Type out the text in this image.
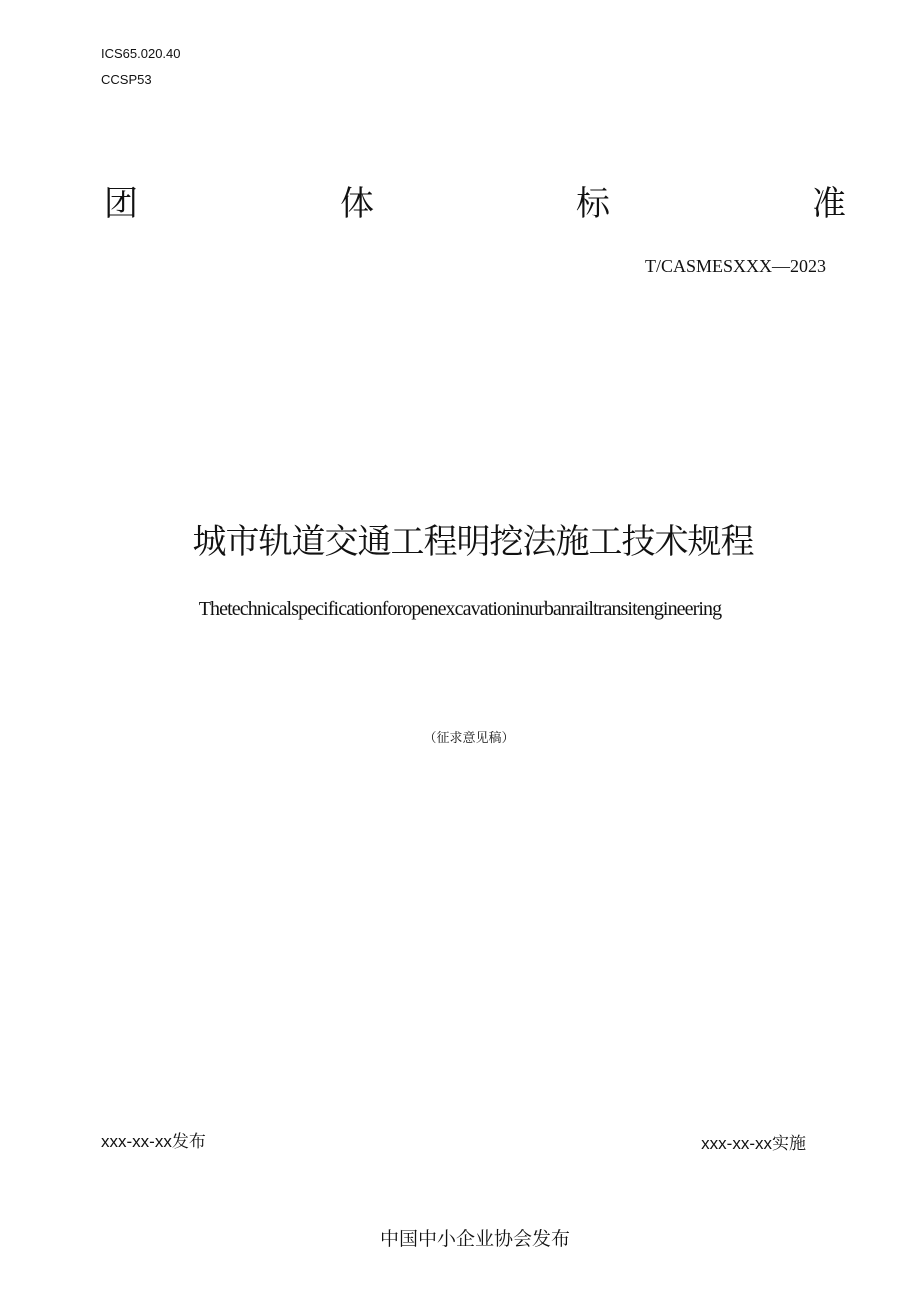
ICS65.020.40
CCSP53
团	体	标	准
T/CASMESXXX—2023
城市轨道交通工程明挖法施工技术规程
Thetechnicalspecificationforopenexcavationinurbanrailtransitengineering
（征求意见稿）
xxx-xx-xx发布	xxx-xx-xx实施
中国中小企业协会发布
